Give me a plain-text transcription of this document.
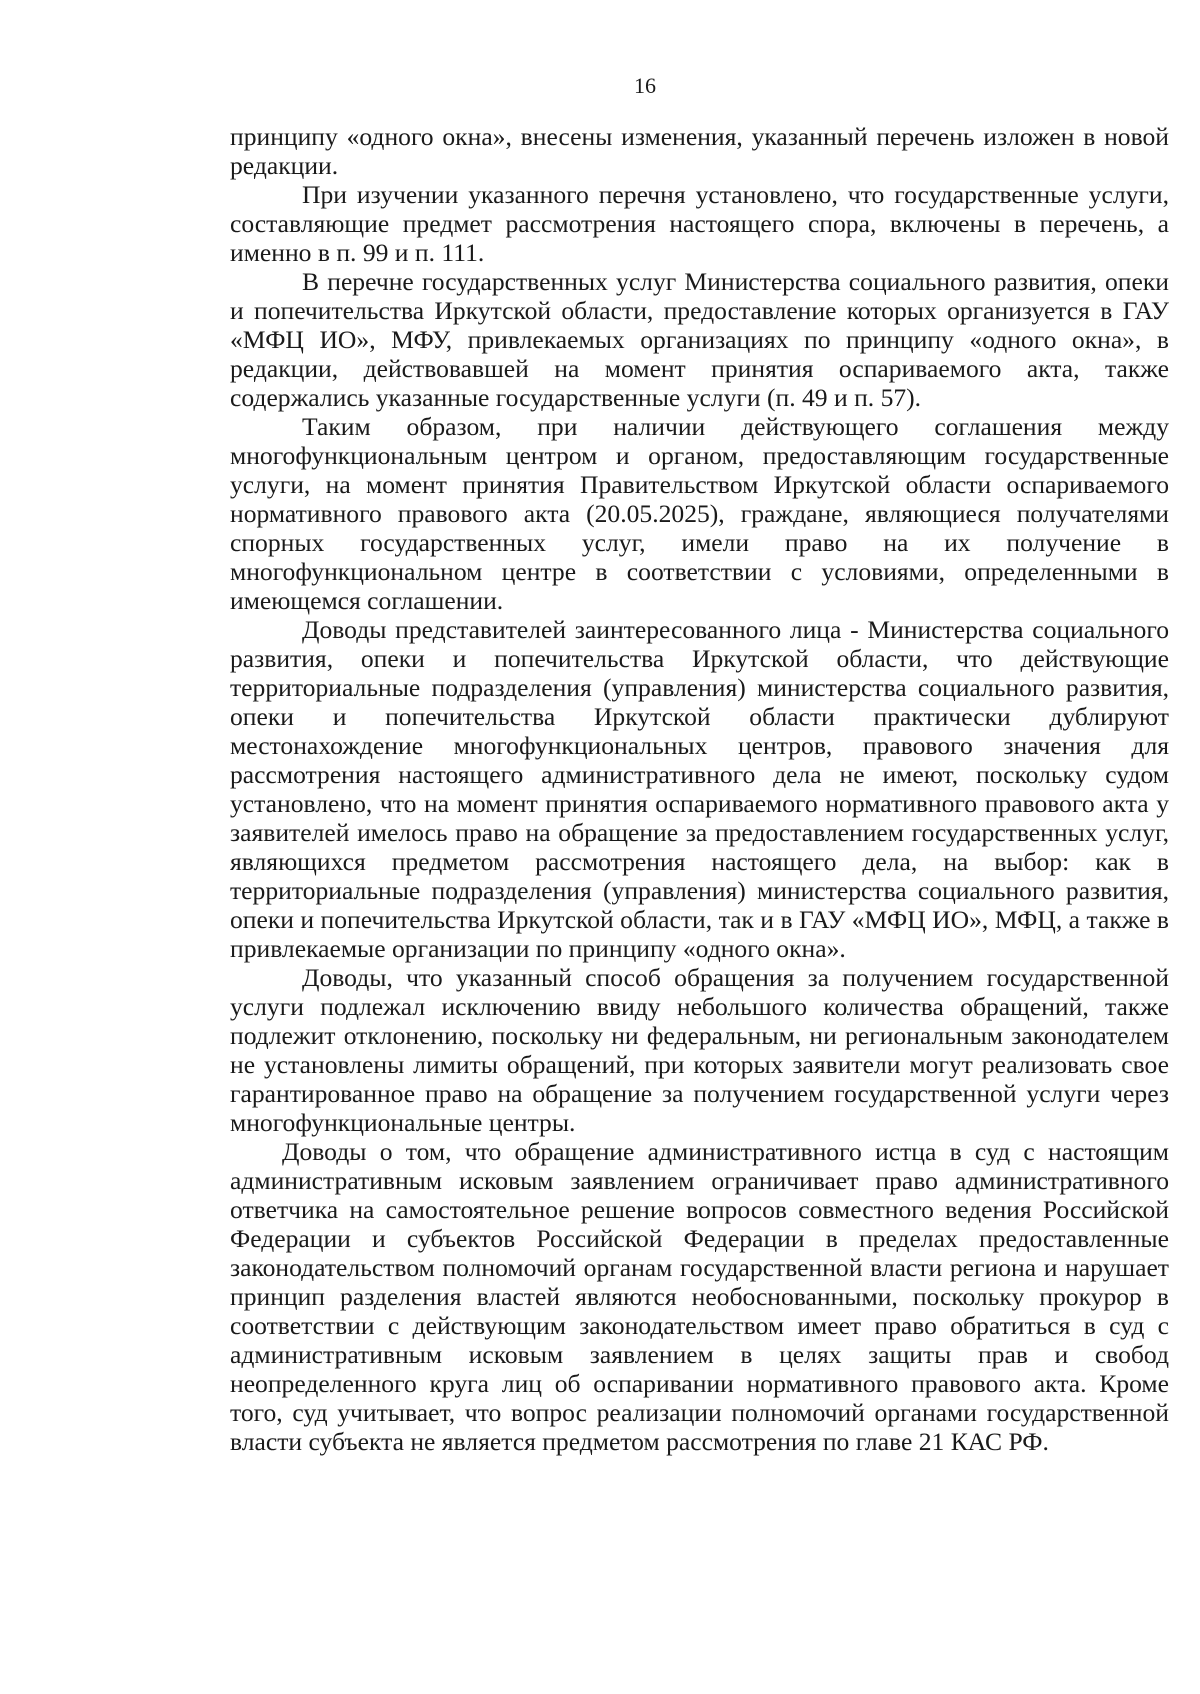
16

принципу «одного окна», внесены изменения, указанный перечень изложен в новой редакции.

При изучении указанного перечня установлено, что государственные услуги, составляющие предмет рассмотрения настоящего спора, включены в перечень, а именно в п. 99 и п. 111.

В перечне государственных услуг Министерства социального развития, опеки и попечительства Иркутской области, предоставление которых организуется в ГАУ «МФЦ ИО», МФУ, привлекаемых организациях по принципу «одного окна», в редакции, действовавшей на момент принятия оспариваемого акта, также содержались указанные государственные услуги (п. 49 и п. 57).

Таким образом, при наличии действующего соглашения между многофункциональным центром и органом, предоставляющим государственные услуги, на момент принятия Правительством Иркутской области оспариваемого нормативного правового акта (20.05.2025), граждане, являющиеся получателями спорных государственных услуг, имели право на их получение в многофункциональном центре в соответствии с условиями, определенными в имеющемся соглашении.

Доводы представителей заинтересованного лица - Министерства социального развития, опеки и попечительства Иркутской области, что действующие территориальные подразделения (управления) министерства социального развития, опеки и попечительства Иркутской области практически дублируют местонахождение многофункциональных центров, правового значения для рассмотрения настоящего административного дела не имеют, поскольку судом установлено, что на момент принятия оспариваемого нормативного правового акта у заявителей имелось право на обращение за предоставлением государственных услуг, являющихся предметом рассмотрения настоящего дела, на выбор: как в территориальные подразделения (управления) министерства социального развития, опеки и попечительства Иркутской области, так и в ГАУ «МФЦ ИО», МФЦ, а также в привлекаемые организации по принципу «одного окна».

Доводы, что указанный способ обращения за получением государственной услуги подлежал исключению ввиду небольшого количества обращений, также подлежит отклонению, поскольку ни федеральным, ни региональным законодателем не установлены лимиты обращений, при которых заявители могут реализовать свое гарантированное право на обращение за получением государственной услуги через многофункциональные центры.

Доводы о том, что обращение административного истца в суд с настоящим административным исковым заявлением ограничивает право административного ответчика на самостоятельное решение вопросов совместного ведения Российской Федерации и субъектов Российской Федерации в пределах предоставленные законодательством полномочий органам государственной власти региона и нарушает принцип разделения властей являются необоснованными, поскольку прокурор в соответствии с действующим законодательством имеет право обратиться в суд с административным исковым заявлением в целях защиты прав и свобод неопределенного круга лиц об оспаривании нормативного правового акта. Кроме того, суд учитывает, что вопрос реализации полномочий органами государственной власти субъекта не является предметом рассмотрения по главе 21 КАС РФ.
